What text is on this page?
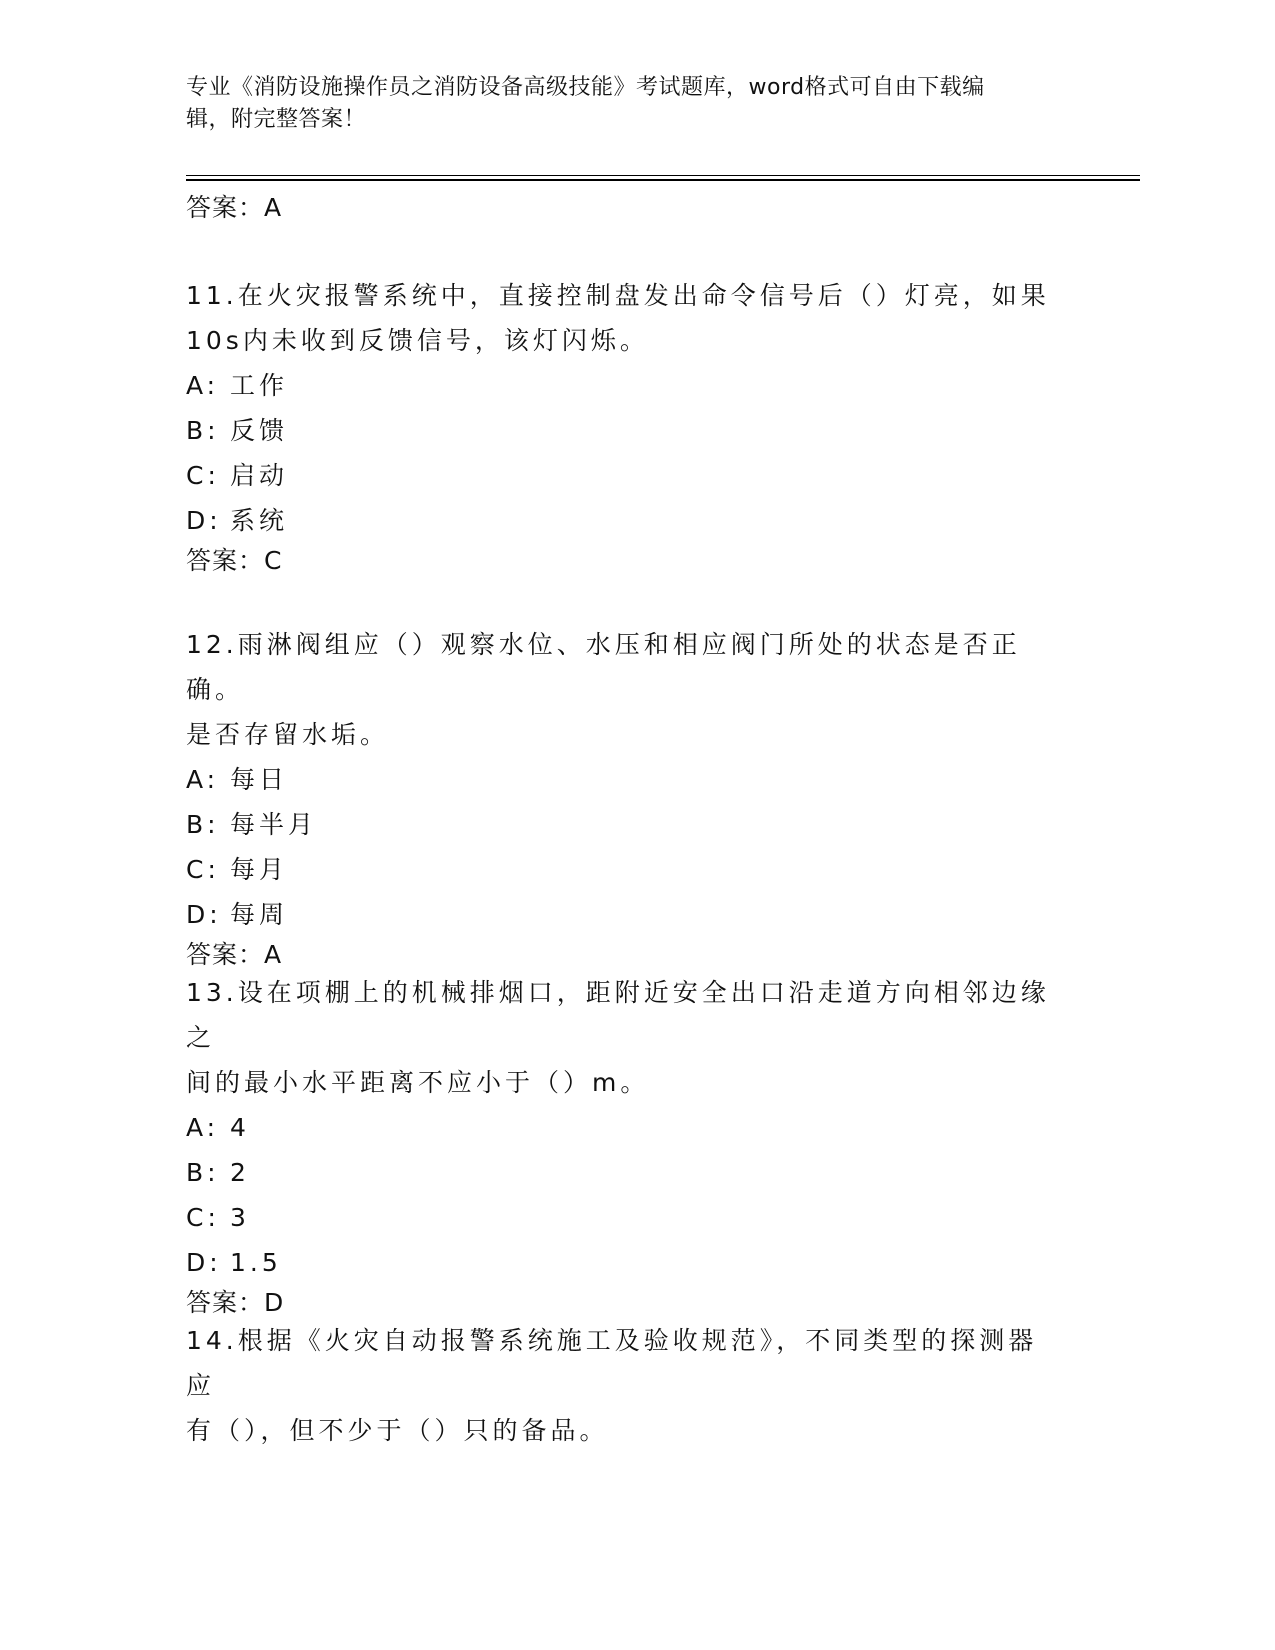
专业《消防设施操作员之消防设备高级技能》考试题库，word格式可自由下载编
辑，附完整答案！
答案：A
11.在火灾报警系统中，直接控制盘发出命令信号后（）灯亮，如果
10s内未收到反馈信号，该灯闪烁。
A: 工作
B: 反馈
C: 启动
D: 系统
答案：C
12.雨淋阀组应（）观察水位、水压和相应阀门所处的状态是否正确。
是否存留水垢。
A: 每日
B: 每半月
C: 每月
D: 每周
答案：A
13.设在项棚上的机械排烟口，距附近安全出口沿走道方向相邻边缘之
间的最小水平距离不应小于（）m。
A: 4
B: 2
C: 3
D: 1.5
答案：D
14.根据《火灾自动报警系统施工及验收规范》，不同类型的探测器应
有（），但不少于（）只的备品。
